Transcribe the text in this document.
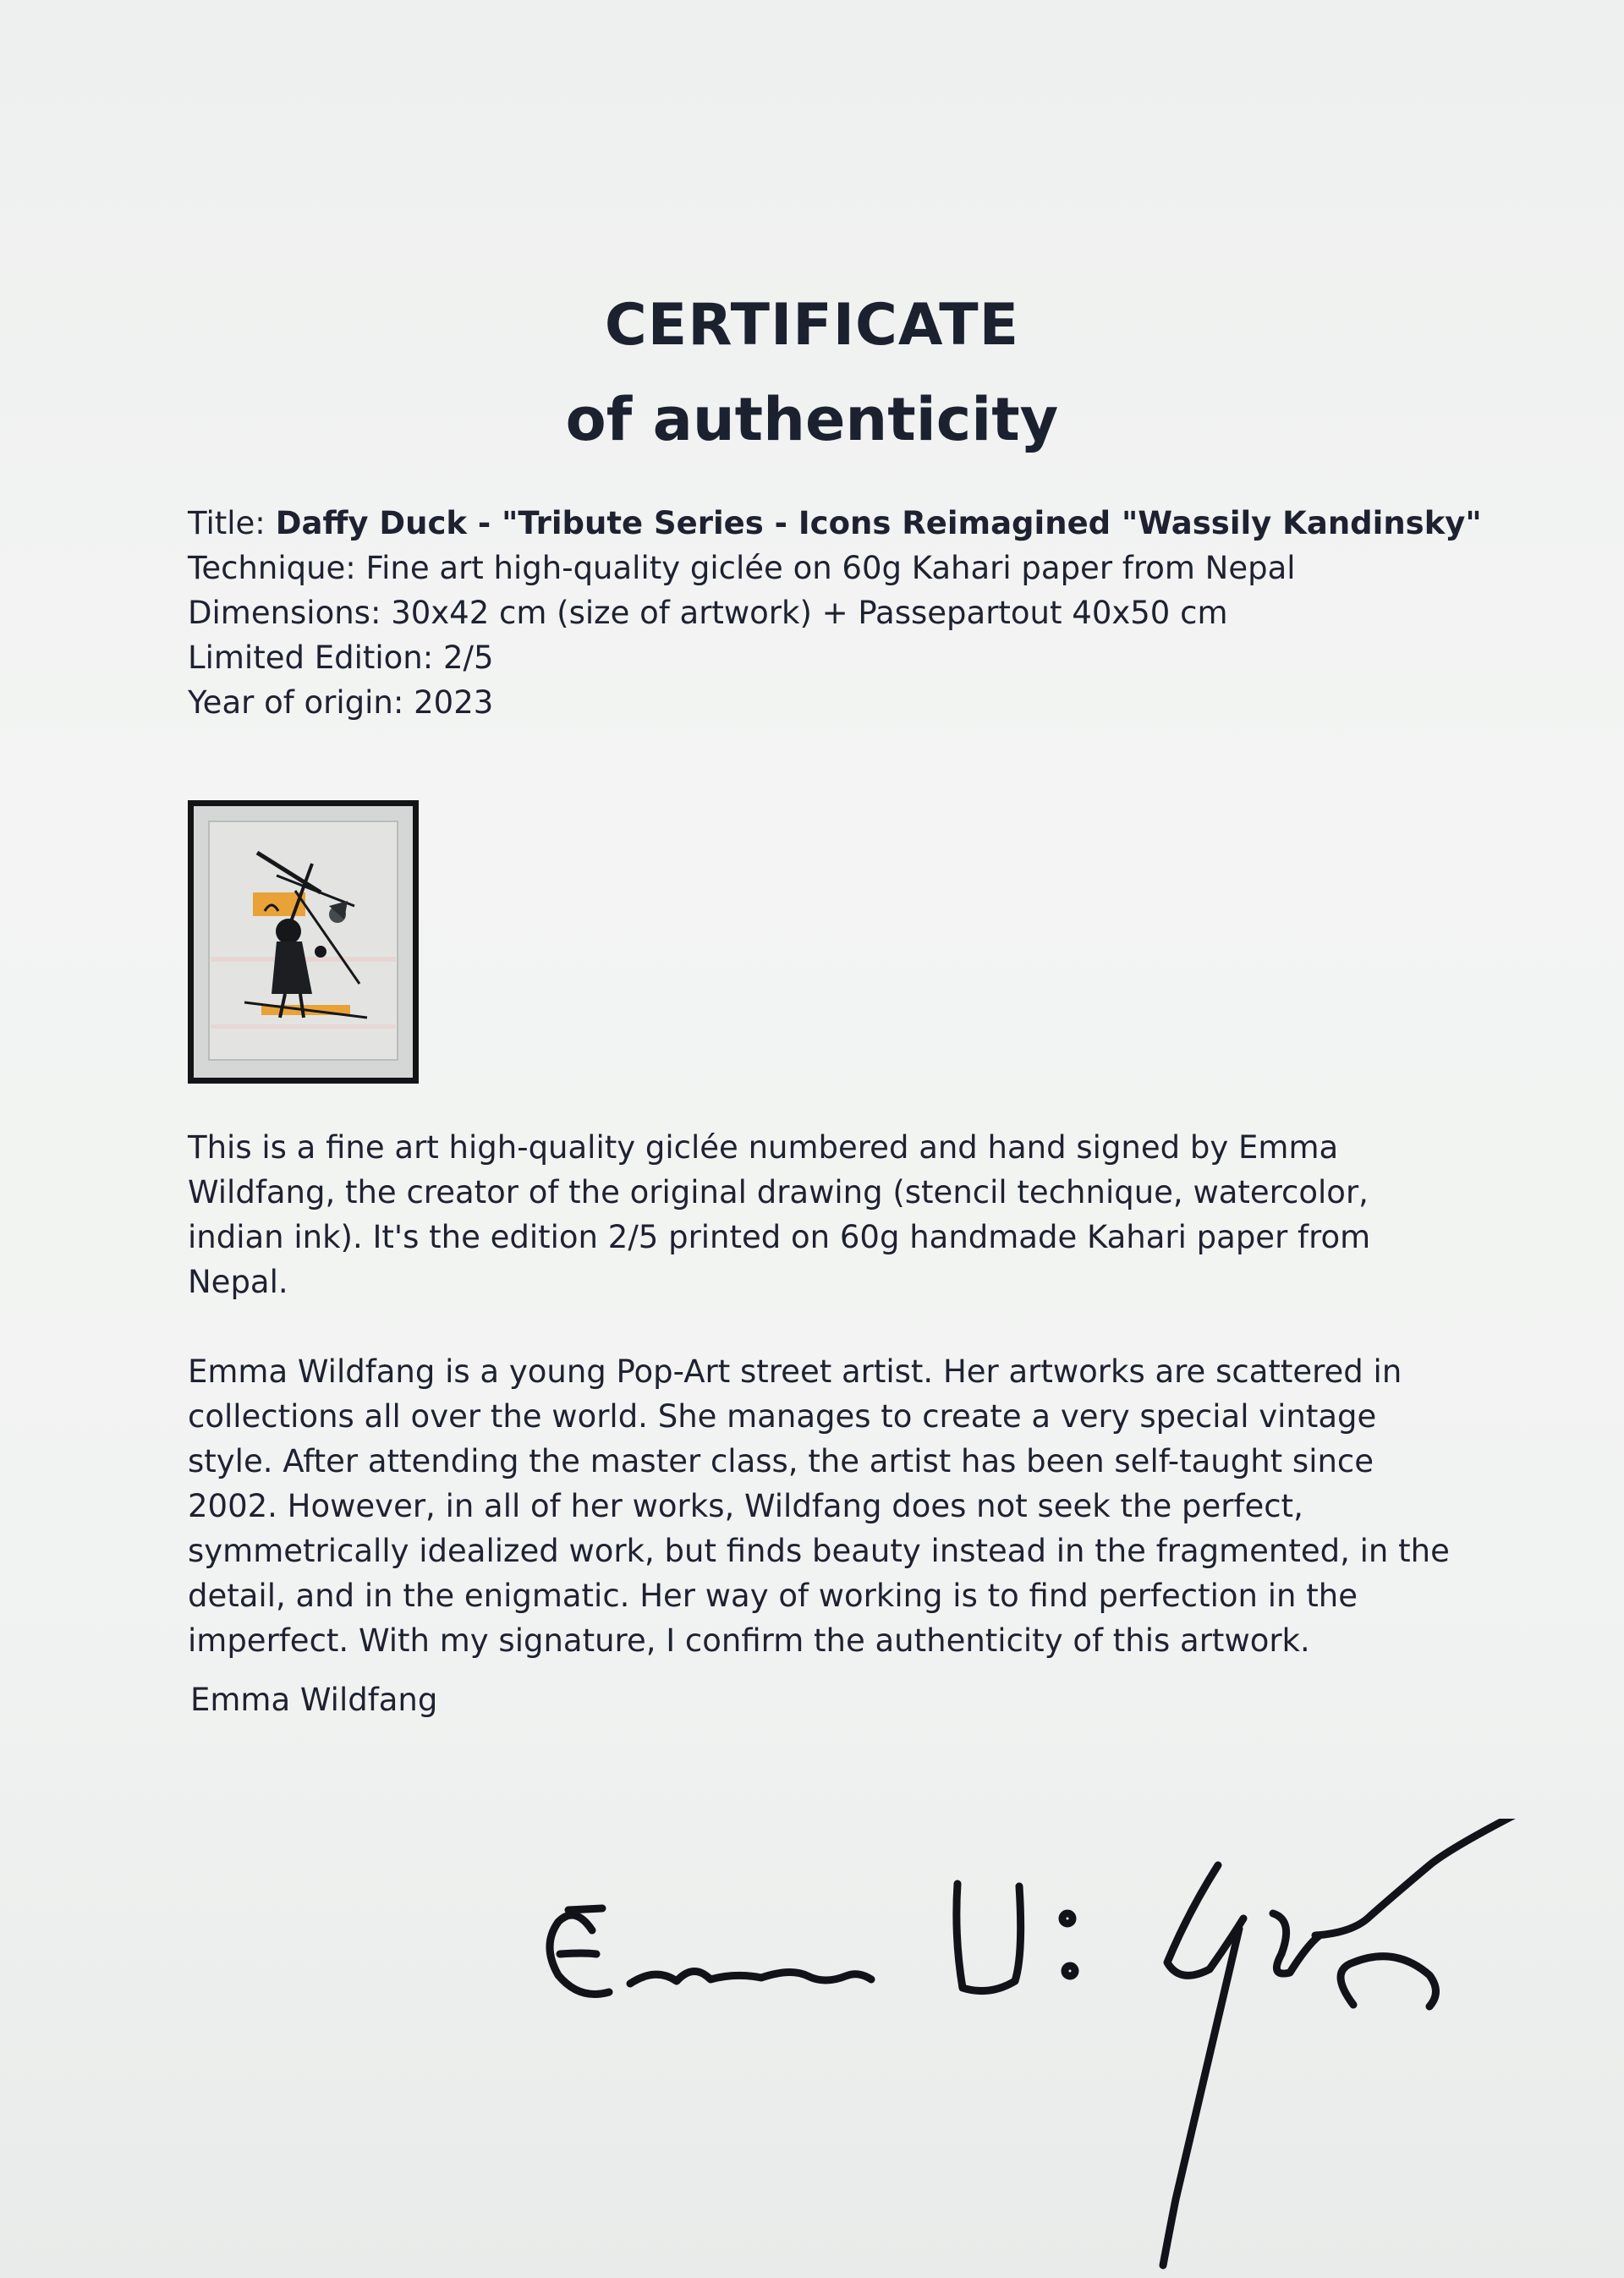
CERTIFICATE
of authenticity
Title: Daffy Duck - "Tribute Series - Icons Reimagined "Wassily Kandinsky"
Technique: Fine art high-quality giclée on 60g Kahari paper from Nepal
Dimensions: 30x42 cm (size of artwork) + Passepartout 40x50 cm
Limited Edition: 2/5
Year of origin: 2023

This is a fine art high-quality giclée numbered and hand signed by Emma Wildfang, the creator of the original drawing (stencil technique, watercolor, indian ink). It's the edition 2/5 printed on 60g handmade Kahari paper from Nepal.

Emma Wildfang is a young Pop-Art street artist. Her artworks are scattered in collections all over the world. She manages to create a very special vintage style. After attending the master class, the artist has been self-taught since 2002. However, in all of her works, Wildfang does not seek the perfect, symmetrically idealized work, but finds beauty instead in the fragmented, in the detail, and in the enigmatic. Her way of working is to find perfection in the imperfect. With my signature, I confirm the authenticity of this artwork.

Emma Wildfang
